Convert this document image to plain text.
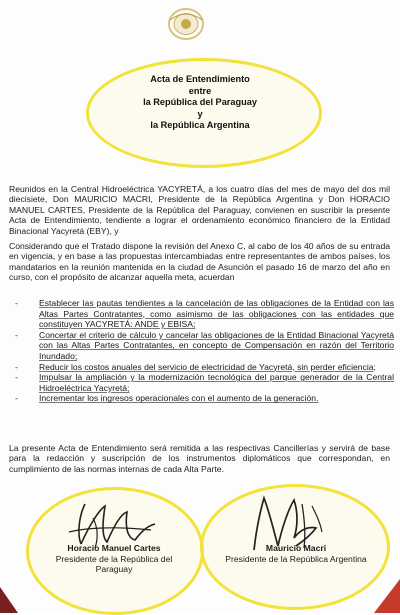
Acta de Entendimiento
entre
la República del Paraguay
y
la República Argentina

Reunidos en la Central Hidroeléctrica YACYRETÁ, a los cuatro días del mes de mayo del dos mil diecisiete, Don MAURICIO MACRI, Presidente de la República Argentina y Don HORACIO MANUEL CARTES, Presidente de la República del Paraguay, convienen en suscribir la presente Acta de Entendimiento, tendiente a lograr el ordenamiento económico financiero de la Entidad Binacional Yacyretá (EBY), y

Considerando que el Tratado dispone la revisión del Anexo C, al cabo de los 40 años de su entrada en vigencia, y en base a las propuestas intercambiadas entre representantes de ambos países, los mandatarios en la reunión mantenida en la ciudad de Asunción el pasado 16 de marzo del año en curso, con el propósito de alcanzar aquella meta, acuerdan

- Establecer las pautas tendientes a la cancelación de las obligaciones de la Entidad con las Altas Partes Contratantes, como asimismo de las obligaciones con las entidades que constituyen YACYRETÁ: ANDE y EBISA;
- Concertar el criterio de cálculo y cancelar las obligaciones de la Entidad Binacional Yacyretá con las Altas Partes Contratantes, en concepto de Compensación en razón del Territorio Inundado;
- Reducir los costos anuales del servicio de electricidad de Yacyretá, sin perder eficiencia;
- Impulsar la ampliación y la modernización tecnológica del parque generador de la Central Hidroeléctrica Yacyretá;
- Incrementar los ingresos operacionales con el aumento de la generación.

La presente Acta de Entendimiento será remitida a las respectivas Cancillerías y servirá de base para la redacción y suscripción de los instrumentos diplomáticos que correspondan, en cumplimiento de las normas internas de cada Alta Parte.

Horacio Manuel Cartes
Presidente de la República del
Paraguay
Mauricio Macri
Presidente de la República Argentina
